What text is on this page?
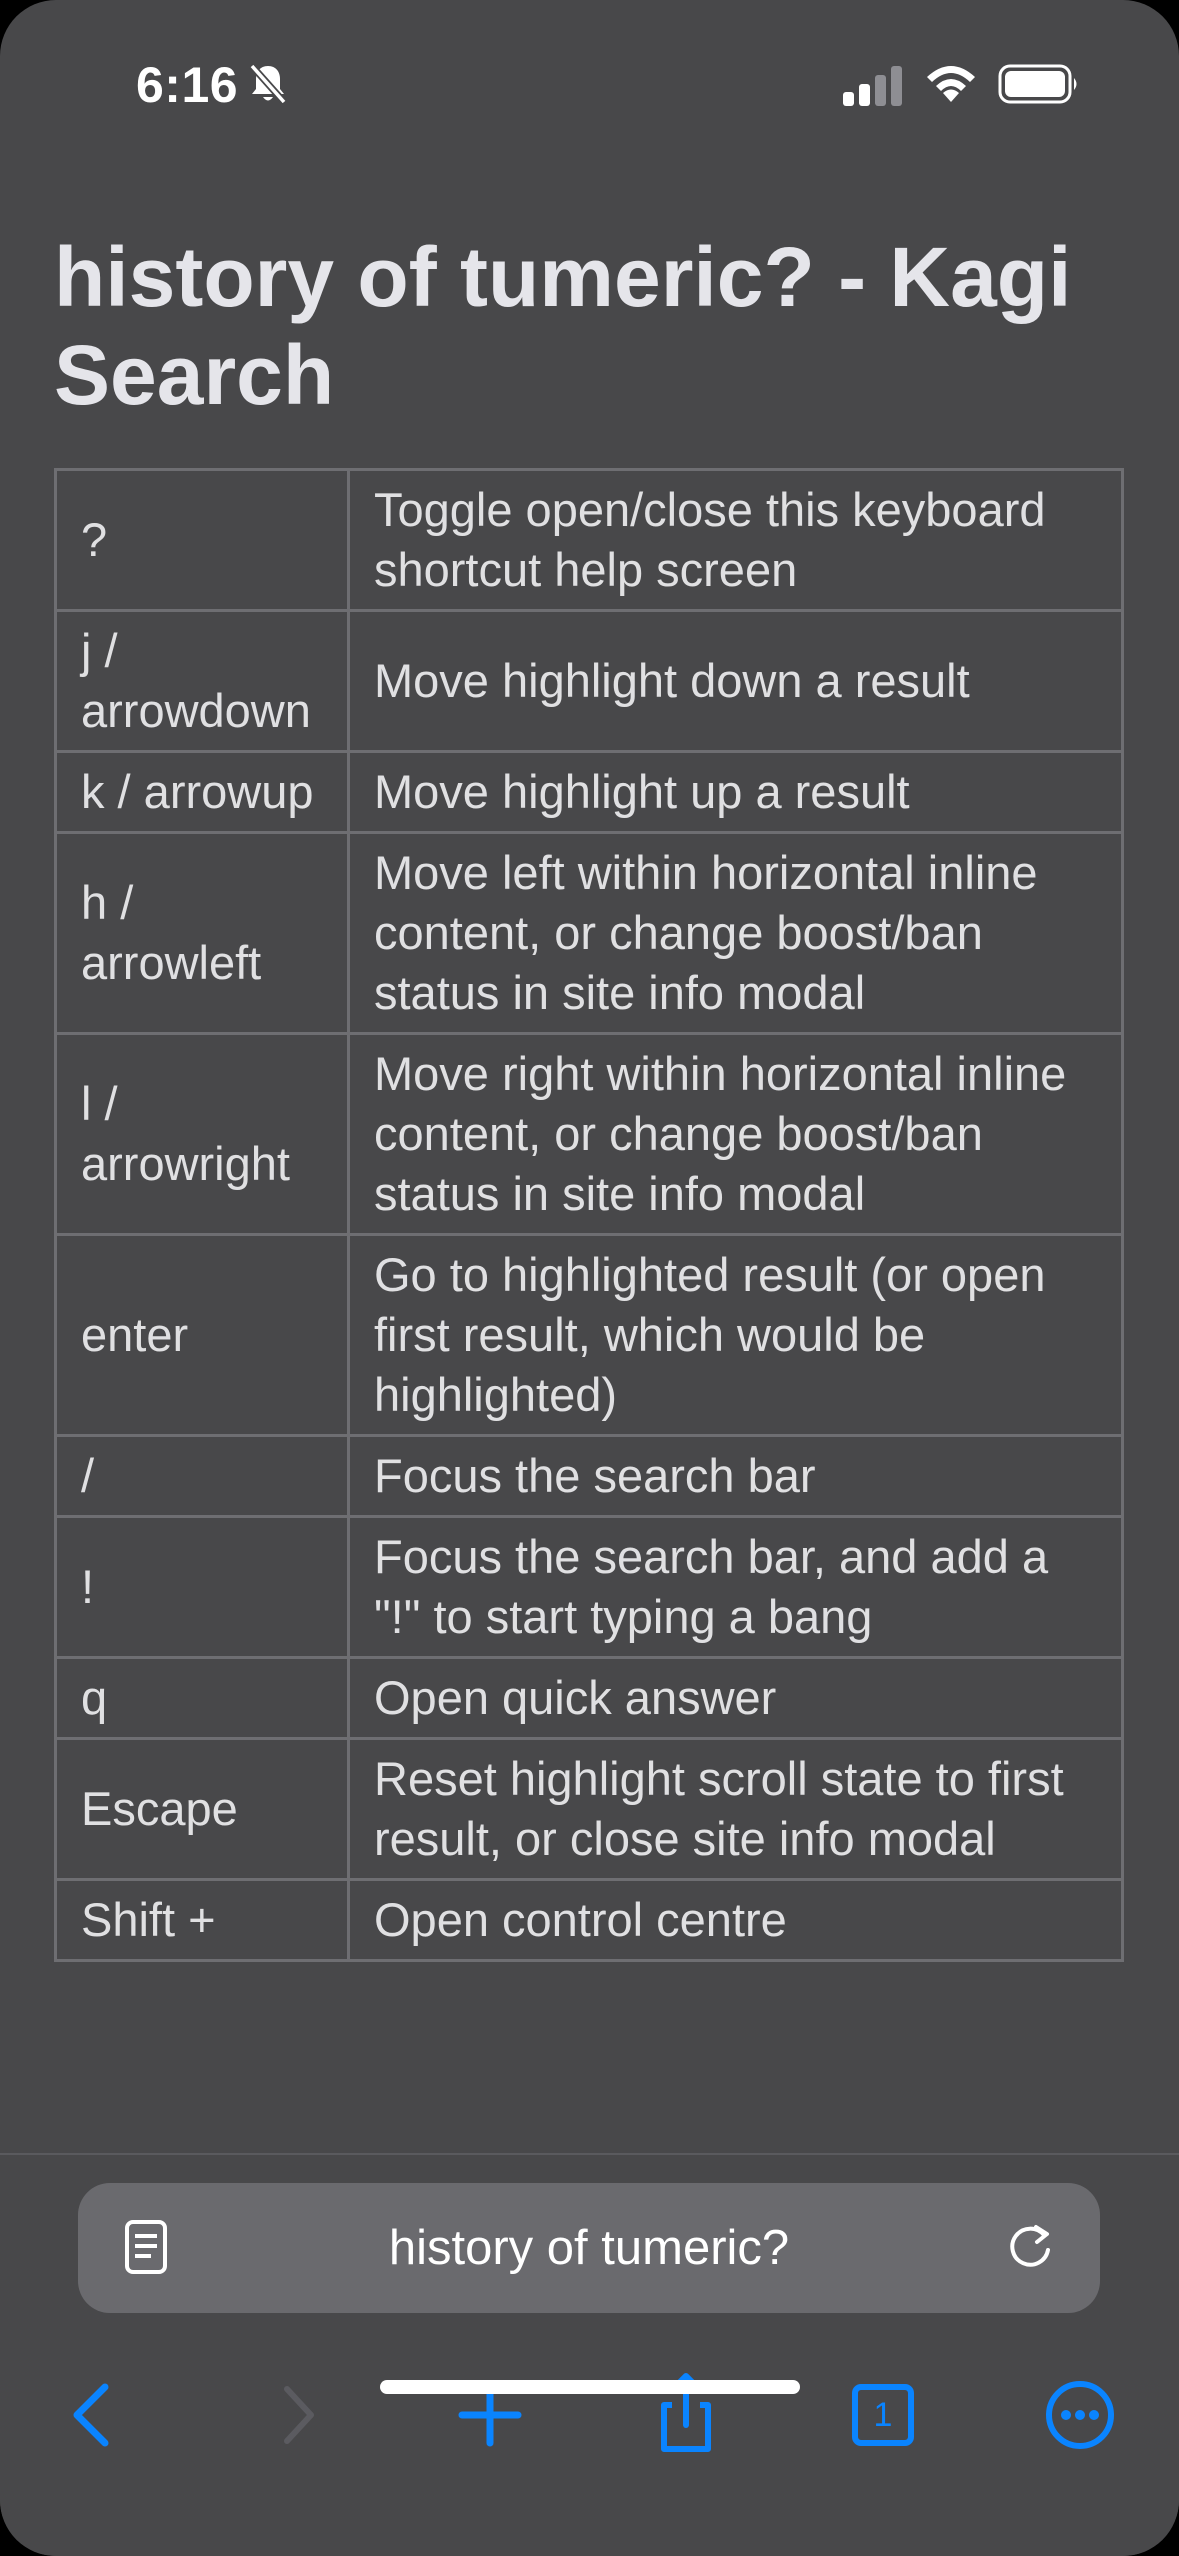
6:16
history of tumeric? - Kagi Search
?	Toggle open/close this keyboard shortcut help screen
j / arrowdown	Move highlight down a result
k / arrowup	Move highlight up a result
h / arrowleft	Move left within horizontal inline content, or change boost/ban status in site info modal
l / arrowright	Move right within horizontal inline content, or change boost/ban status in site info modal
enter	Go to highlighted result (or open first result, which would be highlighted)
/	Focus the search bar
!	Focus the search bar, and add a "!" to start typing a bang
q	Open quick answer
Escape	Reset highlight scroll state to first result, or close site info modal
Shift +	Open control centre
history of tumeric?
1
